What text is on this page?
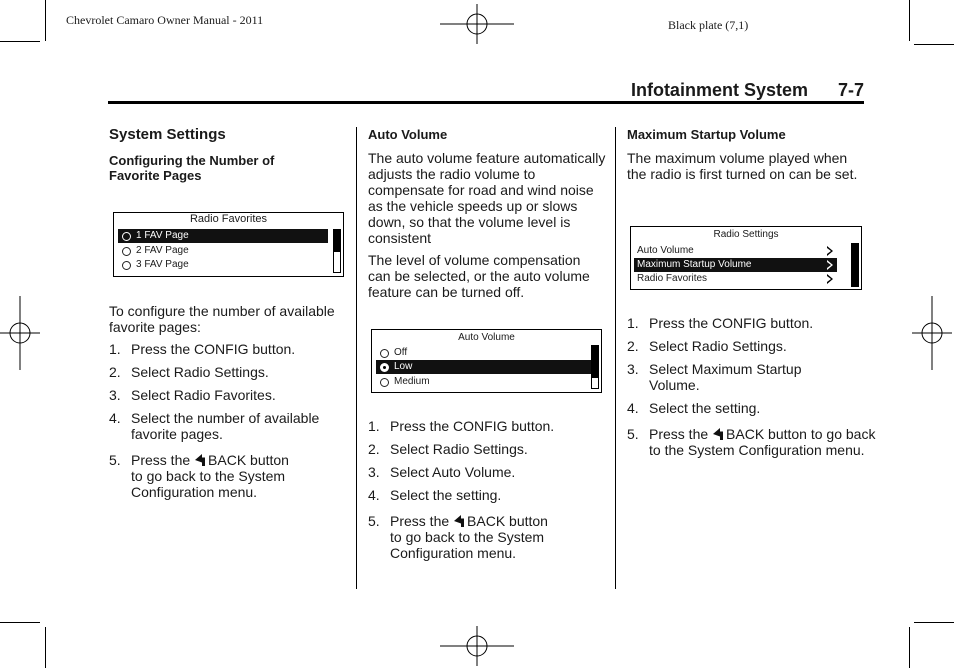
Chevrolet Camaro Owner Manual - 2011	Black plate (7,1)
Infotainment System 7-7
System Settings
Configuring the Number of Favorite Pages
Radio Favorites
1 FAV Page
2 FAV Page
3 FAV Page
To configure the number of available favorite pages:
1. Press the CONFIG button.
2. Select Radio Settings.
3. Select Radio Favorites.
4. Select the number of available favorite pages.
5. Press the BACK button to go back to the System Configuration menu.
Auto Volume
The auto volume feature automatically adjusts the radio volume to compensate for road and wind noise as the vehicle speeds up or slows down, so that the volume level is consistent
The level of volume compensation can be selected, or the auto volume feature can be turned off.
Auto Volume
Off
Low
Medium
1. Press the CONFIG button.
2. Select Radio Settings.
3. Select Auto Volume.
4. Select the setting.
5. Press the BACK button to go back to the System Configuration menu.
Maximum Startup Volume
The maximum volume played when the radio is first turned on can be set.
Radio Settings
Auto Volume
Maximum Startup Volume
Radio Favorites
1. Press the CONFIG button.
2. Select Radio Settings.
3. Select Maximum Startup Volume.
4. Select the setting.
5. Press the BACK button to go back to the System Configuration menu.
